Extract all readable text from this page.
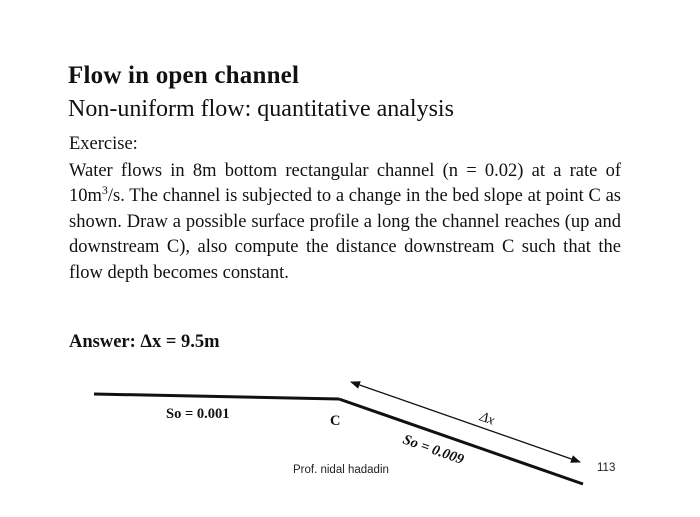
Flow in open channel
Non-uniform flow: quantitative analysis
Exercise:
Water flows in 8m bottom rectangular channel (n = 0.02) at a rate of $10m^3/s$. The channel is subjected to a change in the bed slope at point C as shown. Draw a possible surface profile a long the channel reaches (up and downstream C), also compute the distance downstream C such that the flow depth becomes constant.
Answer: Δx = 9.5m
So = 0.001	C
So = 0.009
Δx
Prof. nidal hadadin	113
